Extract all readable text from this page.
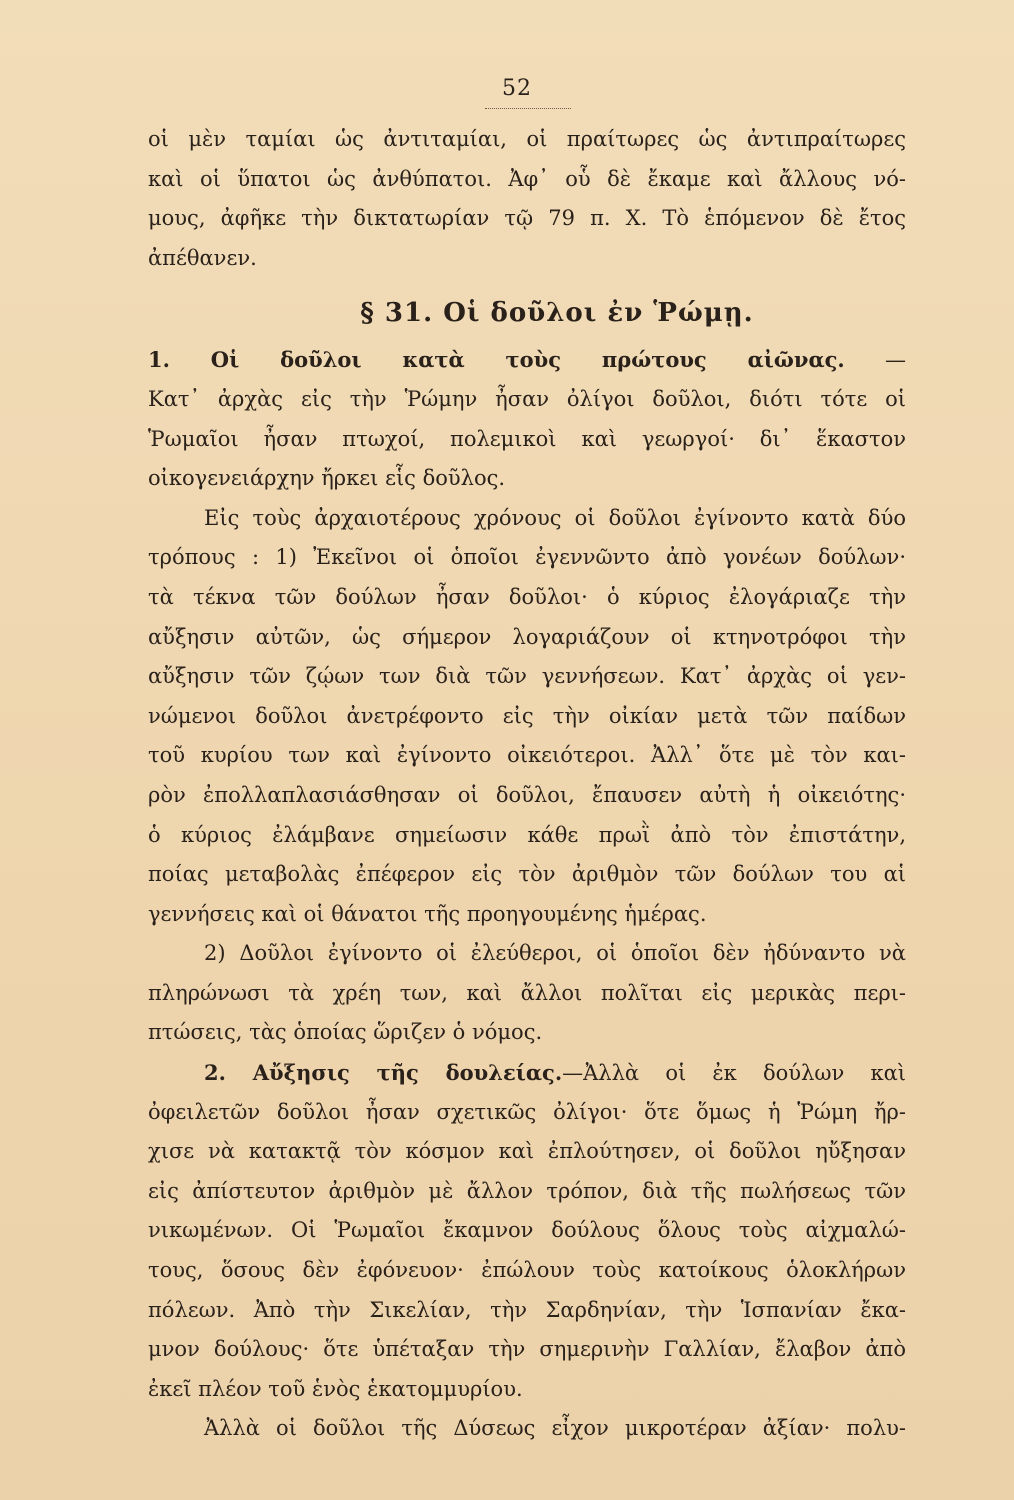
52
οἱ μὲν ταμίαι ὡς ἀντιταμίαι, οἱ πραίτωρες ὡς ἀντιπραίτωρες
καὶ οἱ ὕπατοι ὡς ἀνθύπατοι. Ἀφ᾽ οὗ δὲ ἔκαμε καὶ ἄλλους νό-
μους, ἀφῆκε τὴν δικτατωρίαν τῷ 79 π. Χ. Τὸ ἑπόμενον δὲ ἔτος
ἀπέθανεν.
§ 31. Οἱ δοῦλοι ἐν Ῥώμῃ.
1. Οἱ δοῦλοι κατὰ τοὺς πρώτους αἰῶνας. —
Κατ᾽ ἀρχὰς εἰς τὴν Ῥώμην ἦσαν ὀλίγοι δοῦλοι, διότι τότε οἱ
Ῥωμαῖοι ἦσαν πτωχοί, πολεμικοὶ καὶ γεωργοί· δι᾽ ἕκαστον
οἰκογενειάρχην ἤρκει εἷς δοῦλος.
Εἰς τοὺς ἀρχαιοτέρους χρόνους οἱ δοῦλοι ἐγίνοντο κατὰ δύο
τρόπους : 1) Ἐκεῖνοι οἱ ὁποῖοι ἐγεννῶντο ἀπὸ γονέων δούλων·
τὰ τέκνα τῶν δούλων ἦσαν δοῦλοι· ὁ κύριος ἐλογάριαζε τὴν
αὔξησιν αὐτῶν, ὡς σήμερον λογαριάζουν οἱ κτηνοτρόφοι τὴν
αὔξησιν τῶν ζῴων των διὰ τῶν γεννήσεων. Κατ᾽ ἀρχὰς οἱ γεν-
νώμενοι δοῦλοι ἀνετρέφοντο εἰς τὴν οἰκίαν μετὰ τῶν παίδων
τοῦ κυρίου των καὶ ἐγίνοντο οἰκειότεροι. Ἀλλ᾽ ὅτε μὲ τὸν και-
ρὸν ἐπολλαπλασιάσθησαν οἱ δοῦλοι, ἔπαυσεν αὐτὴ ἡ οἰκειότης·
ὁ κύριος ἐλάμβανε σημείωσιν κάθε πρωῒ ἀπὸ τὸν ἐπιστάτην,
ποίας μεταβολὰς ἐπέφερον εἰς τὸν ἀριθμὸν τῶν δούλων του αἱ
γεννήσεις καὶ οἱ θάνατοι τῆς προηγουμένης ἡμέρας.
2) Δοῦλοι ἐγίνοντο οἱ ἐλεύθεροι, οἱ ὁποῖοι δὲν ἠδύναντο νὰ
πληρώνωσι τὰ χρέη των, καὶ ἄλλοι πολῖται εἰς μερικὰς περι-
πτώσεις, τὰς ὁποίας ὥριζεν ὁ νόμος.
2. Αὔξησις τῆς δουλείας.—Ἀλλὰ οἱ ἐκ δούλων καὶ
ὀφειλετῶν δοῦλοι ἦσαν σχετικῶς ὀλίγοι· ὅτε ὅμως ἡ Ῥώμη ἤρ-
χισε νὰ κατακτᾷ τὸν κόσμον καὶ ἐπλούτησεν, οἱ δοῦλοι ηὔξησαν
εἰς ἀπίστευτον ἀριθμὸν μὲ ἄλλον τρόπον, διὰ τῆς πωλήσεως τῶν
νικωμένων. Οἱ Ῥωμαῖοι ἔκαμνον δούλους ὅλους τοὺς αἰχμαλώ-
τους, ὅσους δὲν ἐφόνευον· ἐπώλουν τοὺς κατοίκους ὁλοκλήρων
πόλεων. Ἀπὸ τὴν Σικελίαν, τὴν Σαρδηνίαν, τὴν Ἱσπανίαν ἔκα-
μνον δούλους· ὅτε ὑπέταξαν τὴν σημερινὴν Γαλλίαν, ἔλαβον ἀπὸ
ἐκεῖ πλέον τοῦ ἑνὸς ἑκατομμυρίου.
Ἀλλὰ οἱ δοῦλοι τῆς Δύσεως εἶχον μικροτέραν ἀξίαν· πολυ-
